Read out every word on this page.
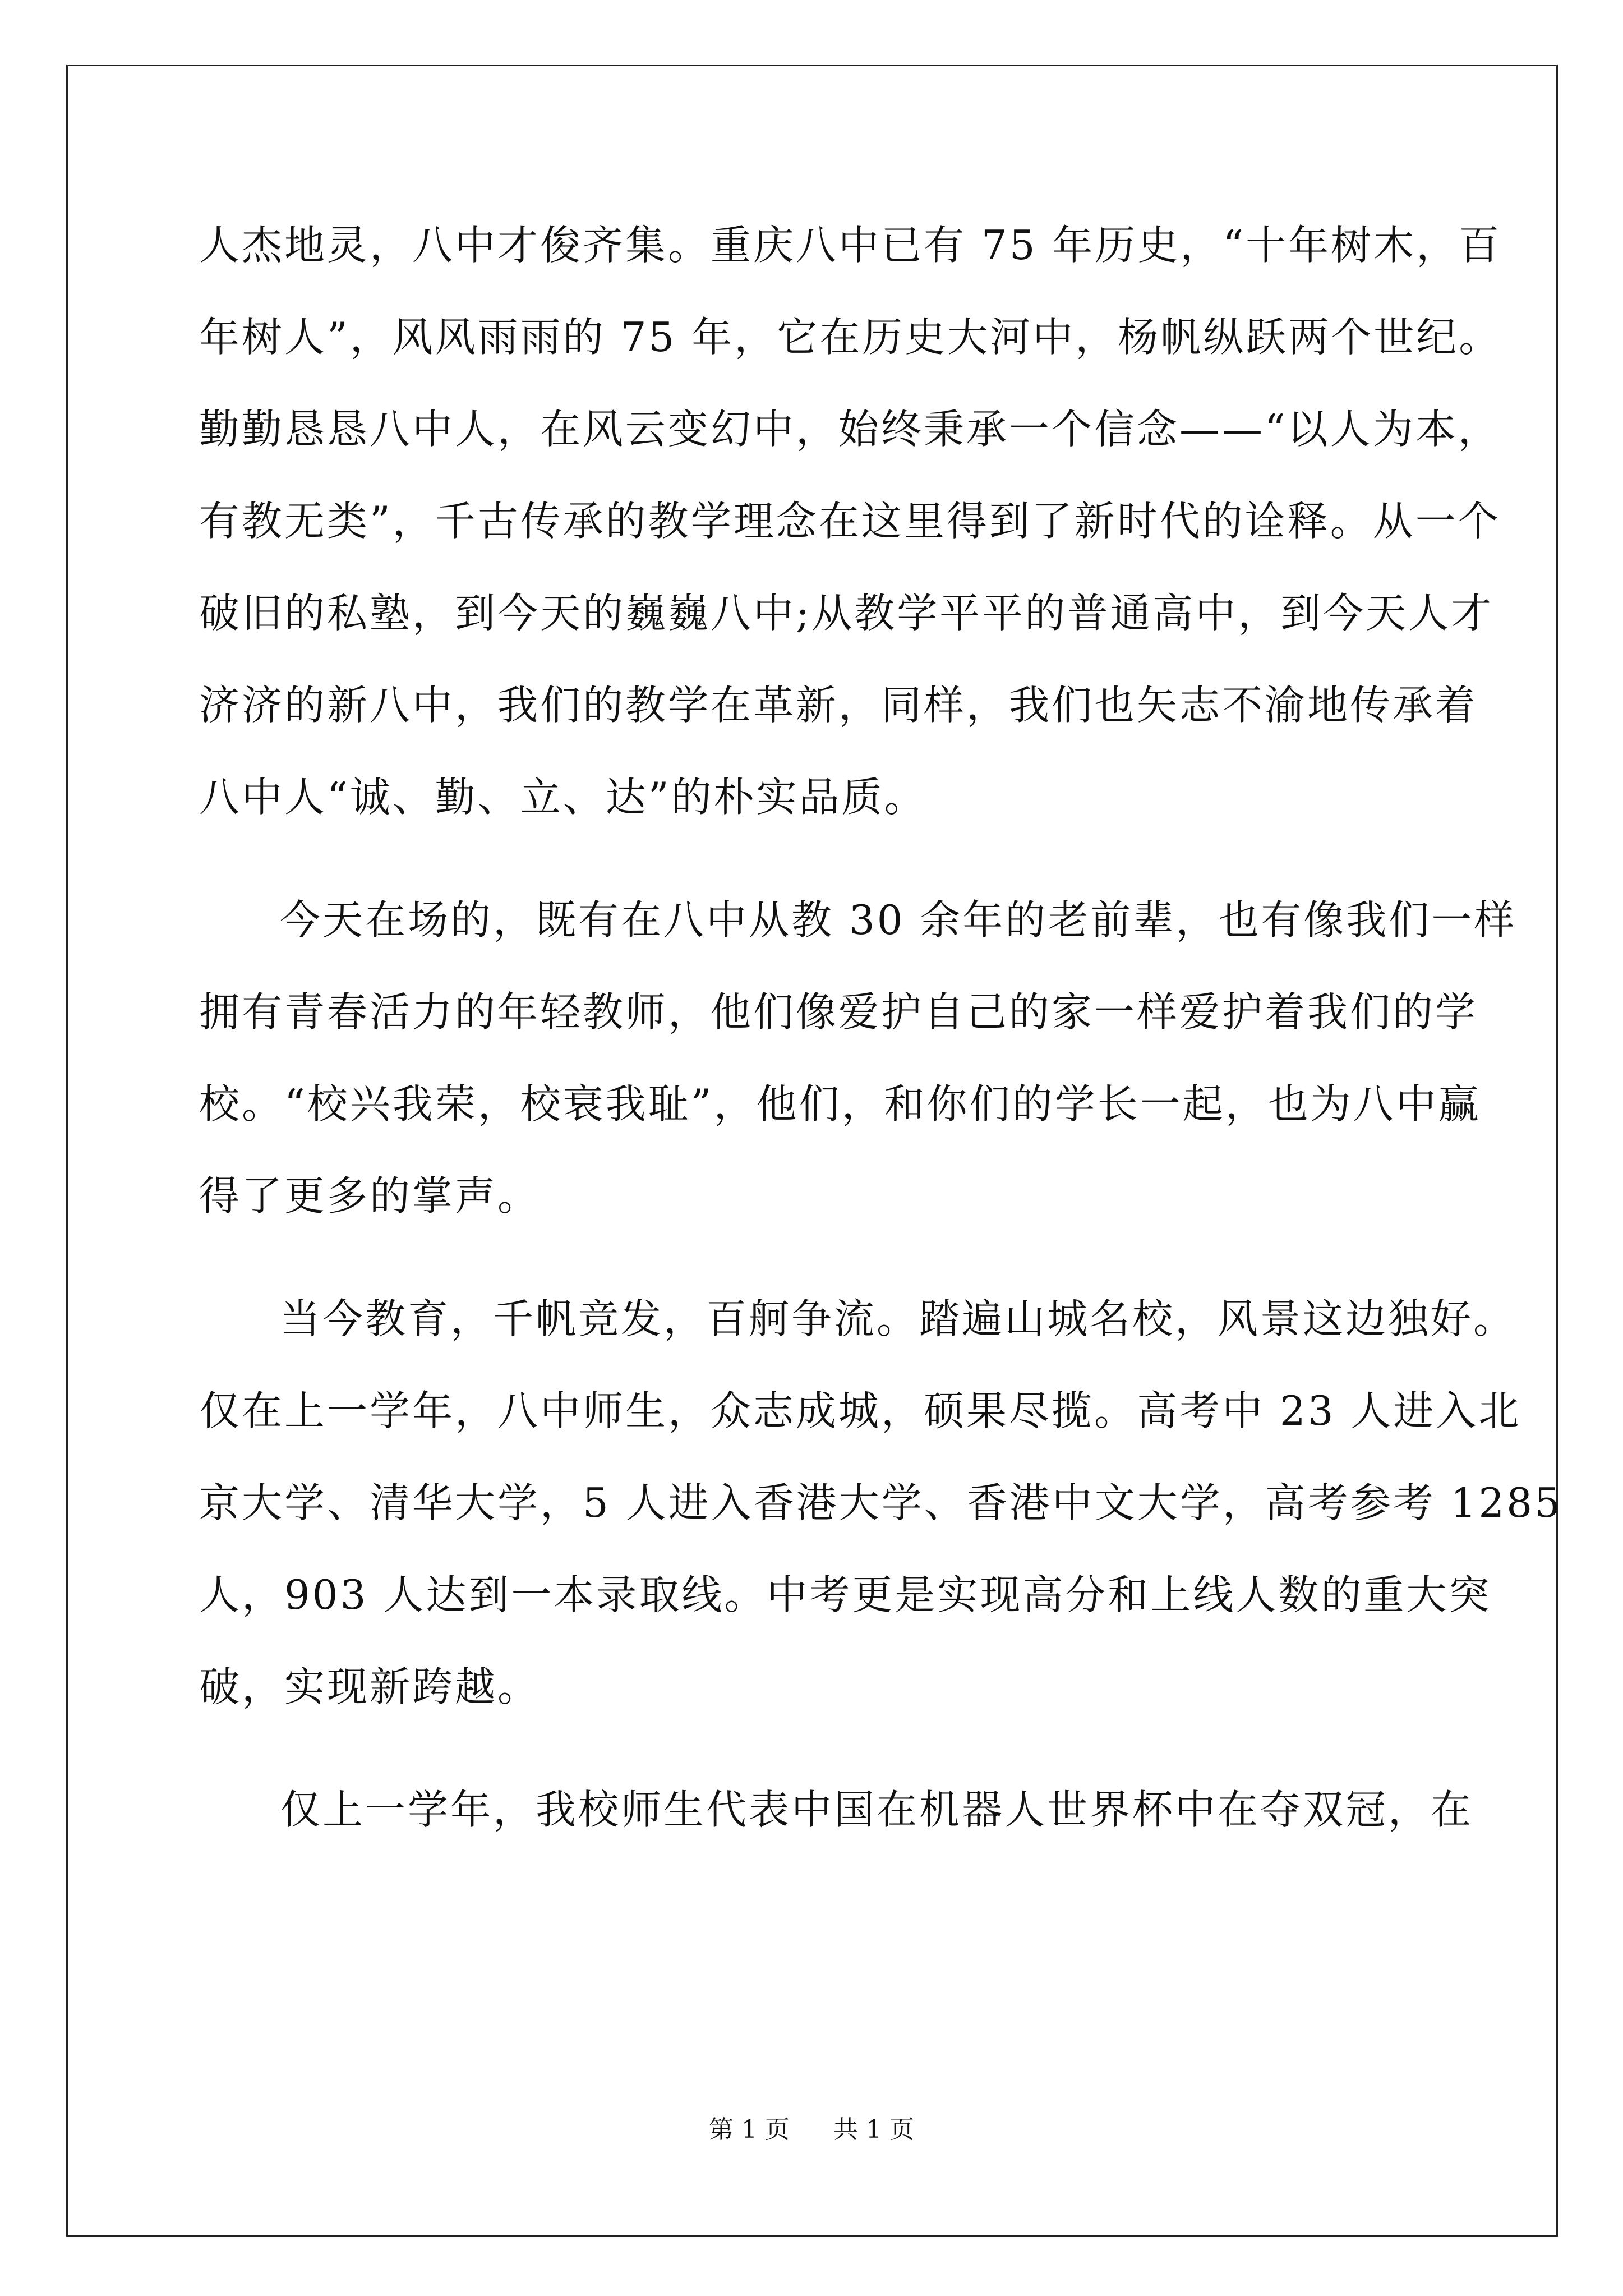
人杰地灵，八中才俊齐集。重庆八中已有 75 年历史，“十年树木，百
年树人”，风风雨雨的 75 年，它在历史大河中，杨帆纵跃两个世纪。
勤勤恳恳八中人，在风云变幻中，始终秉承一个信念——“以人为本，
有教无类”，千古传承的教学理念在这里得到了新时代的诠释。从一个
破旧的私塾，到今天的巍巍八中;从教学平平的普通高中，到今天人才
济济的新八中，我们的教学在革新，同样，我们也矢志不渝地传承着
八中人“诚、勤、立、达”的朴实品质。
今天在场的，既有在八中从教 30 余年的老前辈，也有像我们一样
拥有青春活力的年轻教师，他们像爱护自己的家一样爱护着我们的学
校。“校兴我荣，校衰我耻”，他们，和你们的学长一起，也为八中赢
得了更多的掌声。
当今教育，千帆竞发，百舸争流。踏遍山城名校，风景这边独好。
仅在上一学年，八中师生，众志成城，硕果尽揽。高考中 23 人进入北
京大学、清华大学，5 人进入香港大学、香港中文大学，高考参考 1285
人，903 人达到一本录取线。中考更是实现高分和上线人数的重大突
破，实现新跨越。
仅上一学年，我校师生代表中国在机器人世界杯中在夺双冠，在
第 1 页 共 1 页
